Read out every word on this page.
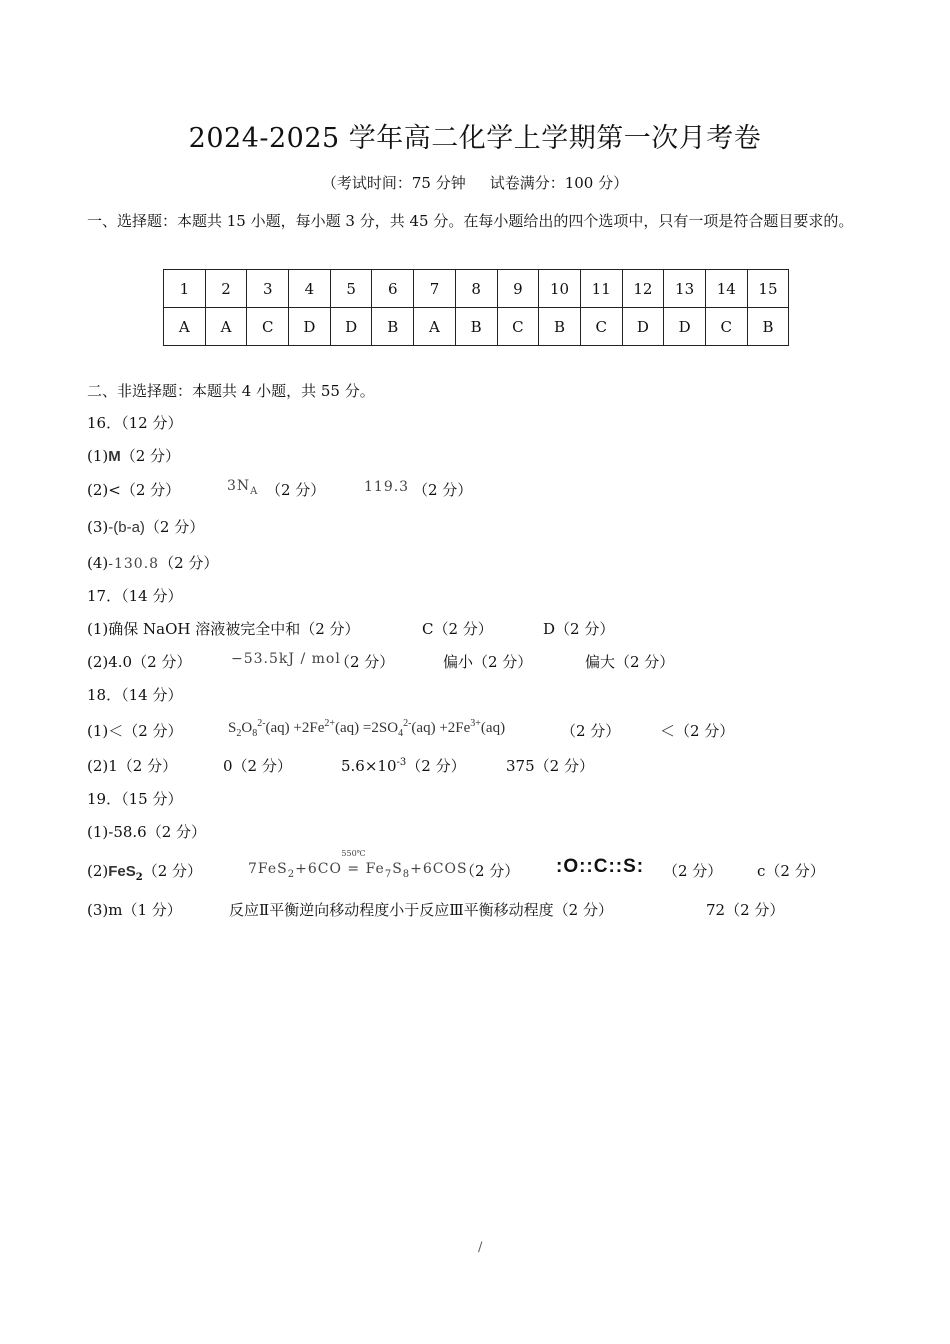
2024-2025 学年高二化学上学期第一次月考卷
（考试时间：75 分钟 试卷满分：100 分）
一、选择题：本题共 15 小题，每小题 3 分，共 45 分。在每小题给出的四个选项中，只有一项是符合题目要求的。
1	2	3	4	5	6	7	8	9	10	11	12	13	14	15
A	A	C	D	D	B	A	B	C	B	C	D	D	C	B
二、非选择题：本题共 4 小题，共 55 分。
16．（12 分）
(1)M（2 分）
(2)<（2 分）	$3N_A$ （2 分）	119.3 （2 分）
(3)-(b-a)（2 分）
(4)-130.8（2 分）
17．（14 分）
(1)确保 NaOH 溶液被完全中和（2 分）	C（2 分）	D（2 分）
(2)4.0（2 分）	−53.5kJ / mol
（2 分）	偏小（2 分）	偏大（2 分）
18．（14 分）
(1)＜（2 分）	$S_2O_8^{2-}(aq) +2Fe^{2+}(aq) =2SO_4^{2-}(aq) +2Fe^{3+}(aq)$	（2 分）	＜（2 分）
(2)1（2 分）	0（2 分）	$5.6\times 10^{-3}(2$ 分）	375（2 分）
19．（15 分）
(1)-58.6（2 分）
(2)FeS$_2$（2 分）	7FeS$_2$+6CO =
550℃
$Fe_7S_8+6COS$
（2 分） :O::C::S: （2 分） c（2 分）
(3)m（1 分）	反应Ⅱ平衡逆向移动程度小于反应Ⅲ平衡移动程度（2 分）	72（2 分）
/
